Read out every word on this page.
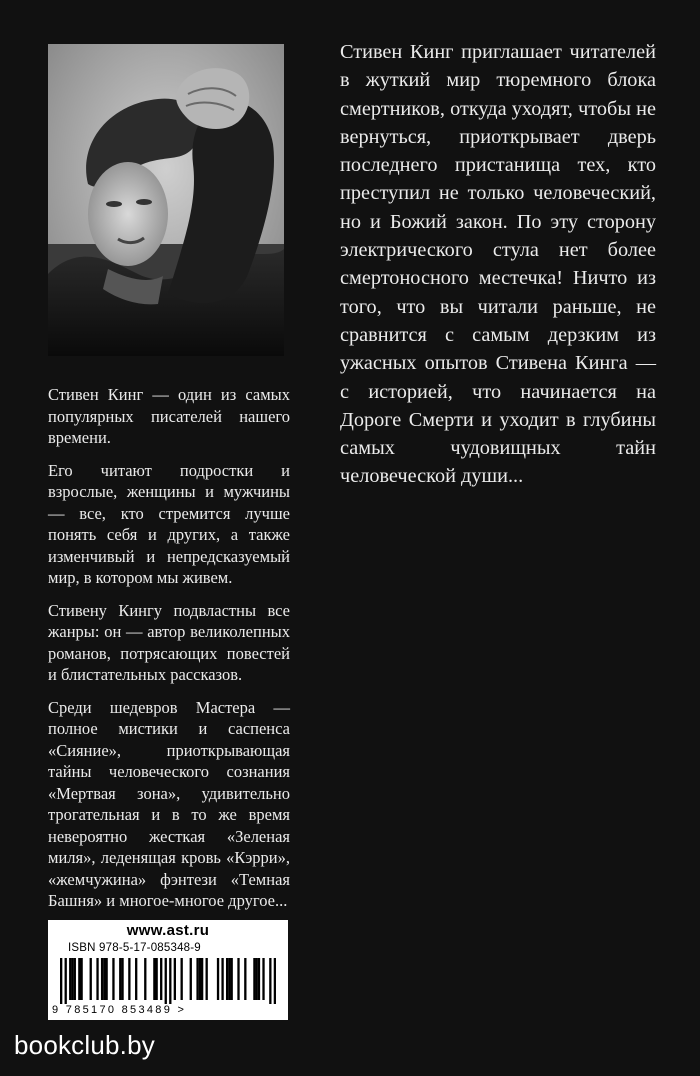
Стивен Кинг — один из самых популярных писателей нашего времени.

Его читают подростки и взрослые, женщины и мужчины — все, кто стремится лучше понять себя и других, а также изменчивый и непредсказуемый мир, в котором мы живем.

Стивену Кингу подвластны все жанры: он — автор великолепных романов, потрясающих повестей и блистательных рассказов.

Среди шедевров Мастера — полное мистики и саспенса «Сияние», приоткрывающая тайны человеческого сознания «Мертвая зона», удивительно трогательная и в то же время невероятно жесткая «Зеленая миля», леденящая кровь «Кэрри», «жемчужина» фэнтези «Темная Башня» и многое-многое другое...

Стивен Кинг приглашает читателей в жуткий мир тюремного блока смертников, откуда уходят, чтобы не вернуться, приоткрывает дверь последнего пристанища тех, кто преступил не только человеческий, но и Божий закон. По эту сторону электрического стула нет более смертоносного местечка! Ничто из того, что вы читали раньше, не сравнится с самым дерзким из ужасных опытов Стивена Кинга — с историей, что начинается на Дороге Смерти и уходит в глубины самых чудовищных тайн человеческой души...

www.ast.ru
ISBN 978-5-17-085348-9
9 785170 853489 >
bookclub.by
